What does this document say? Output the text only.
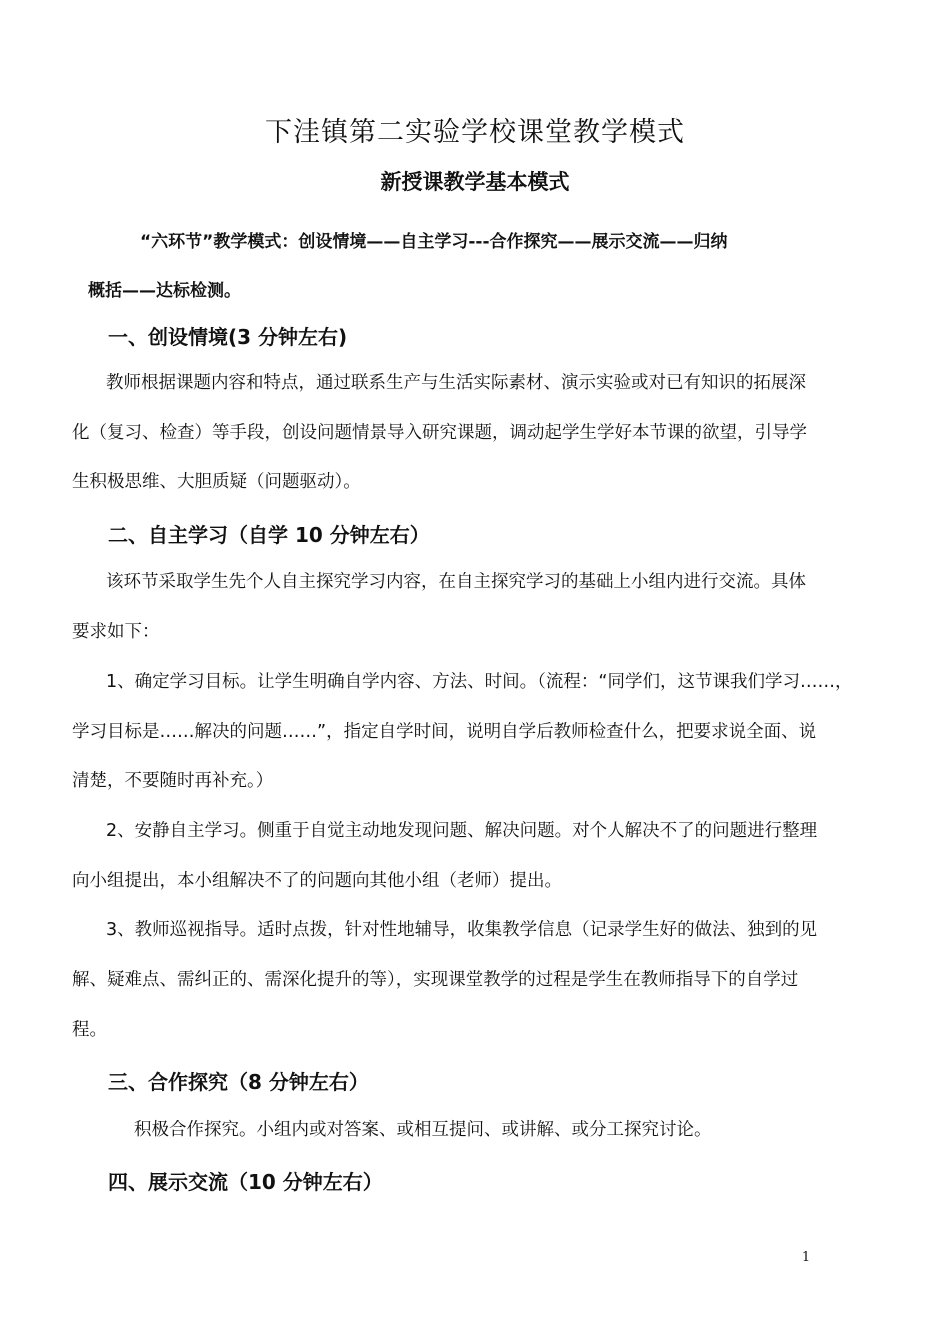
下洼镇第二实验学校课堂教学模式
新授课教学基本模式
“六环节”教学模式：创设情境——自主学习---合作探究——展示交流——归纳
概括——达标检测。
一、创设情境(3 分钟左右)
教师根据课题内容和特点，通过联系生产与生活实际素材、演示实验或对已有知识的拓展深
化（复习、检查）等手段，创设问题情景导入研究课题，调动起学生学好本节课的欲望，引导学
生积极思维、大胆质疑（问题驱动）。
二、自主学习（自学 10 分钟左右）
该环节采取学生先个人自主探究学习内容，在自主探究学习的基础上小组内进行交流。具体
要求如下：
1、确定学习目标。让学生明确自学内容、方法、时间。（流程：“同学们，这节课我们学习……，
学习目标是……解决的问题……”，指定自学时间，说明自学后教师检查什么，把要求说全面、说
清楚，不要随时再补充。）
2、安静自主学习。侧重于自觉主动地发现问题、解决问题。对个人解决不了的问题进行整理
向小组提出，本小组解决不了的问题向其他小组（老师）提出。
3、教师巡视指导。适时点拨，针对性地辅导，收集教学信息（记录学生好的做法、独到的见
解、疑难点、需纠正的、需深化提升的等），实现课堂教学的过程是学生在教师指导下的自学过
程。
三、合作探究（8 分钟左右）
积极合作探究。小组内或对答案、或相互提问、或讲解、或分工探究讨论。
四、展示交流（10 分钟左右）
1
